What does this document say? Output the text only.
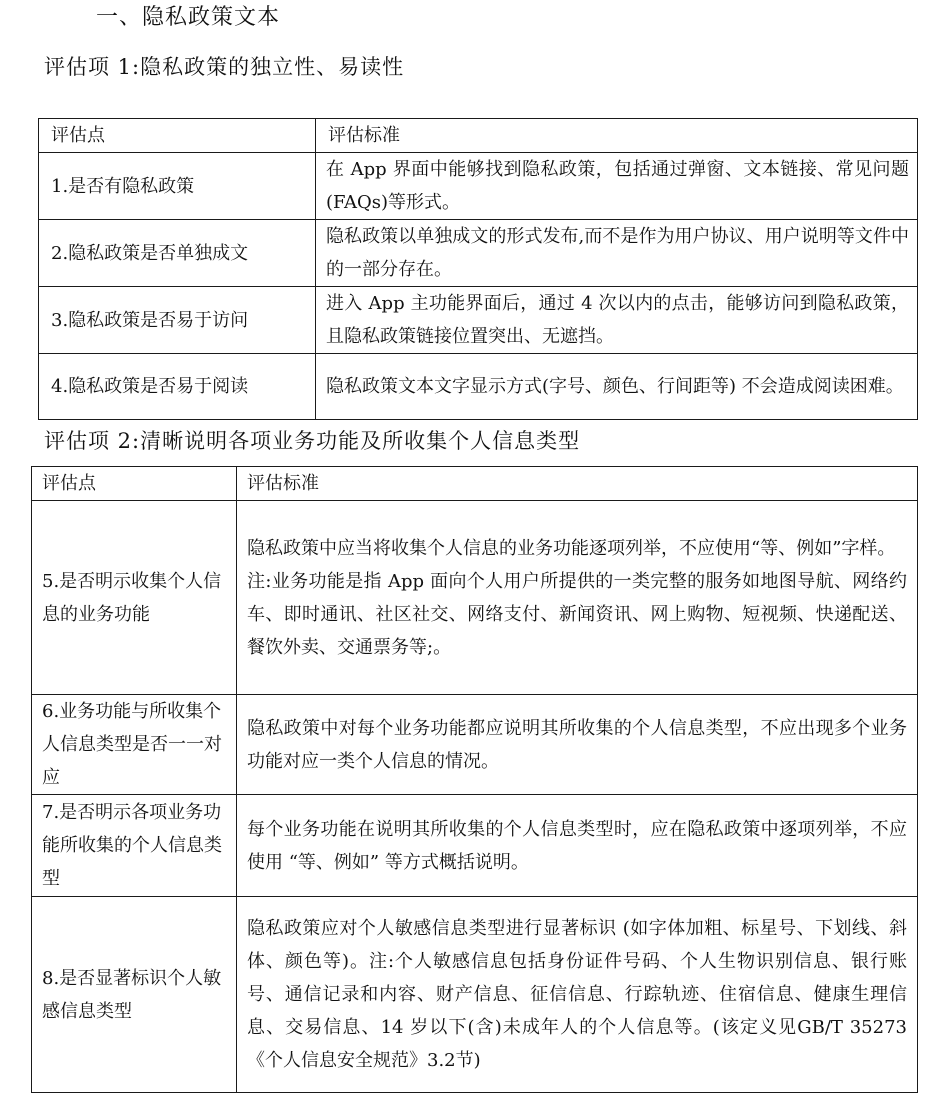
一、隐私政策文本
评估项 1:隐私政策的独立性、易读性
评估点	评估标准
1.是否有隐私政策	在 App 界面中能够找到隐私政策，包括通过弹窗、文本链接、常见问题(FAQs)等形式。
2.隐私政策是否单独成文	隐私政策以单独成文的形式发布,而不是作为用户协议、用户说明等文件中的一部分存在。
3.隐私政策是否易于访问	进入 App 主功能界面后，通过 4 次以内的点击，能够访问到隐私政策，且隐私政策链接位置突出、无遮挡。
4.隐私政策是否易于阅读	隐私政策文本文字显示方式(字号、颜色、行间距等) 不会造成阅读困难。
评估项 2:清晰说明各项业务功能及所收集个人信息类型
评估点	评估标准
5.是否明示收集个人信息的业务功能	隐私政策中应当将收集个人信息的业务功能逐项列举，不应使用“等、例如”字样。
注:业务功能是指 App 面向个人用户所提供的一类完整的服务如地图导航、网络约车、即时通讯、社区社交、网络支付、新闻资讯、网上购物、短视频、快递配送、餐饮外卖、交通票务等;。

6.业务功能与所收集个人信息类型是否一一对应	隐私政策中对每个业务功能都应说明其所收集的个人信息类型，不应出现多个业务功能对应一类个人信息的情况。
7.是否明示各项业务功能所收集的个人信息类型	每个业务功能在说明其所收集的个人信息类型时，应在隐私政策中逐项列举，不应使用 “等、例如” 等方式概括说明。
8.是否显著标识个人敏感信息类型	隐私政策应对个人敏感信息类型进行显著标识 (如字体加粗、标星号、下划线、斜体、颜色等)。注:个人敏感信息包括身份证件号码、个人生物识别信息、银行账号、通信记录和内容、财产信息、征信信息、行踪轨迹、住宿信息、健康生理信息、交易信息、14 岁以下(含)未成年人的个人信息等。(该定义见GB/T 35273《个人信息安全规范》3.2节)
